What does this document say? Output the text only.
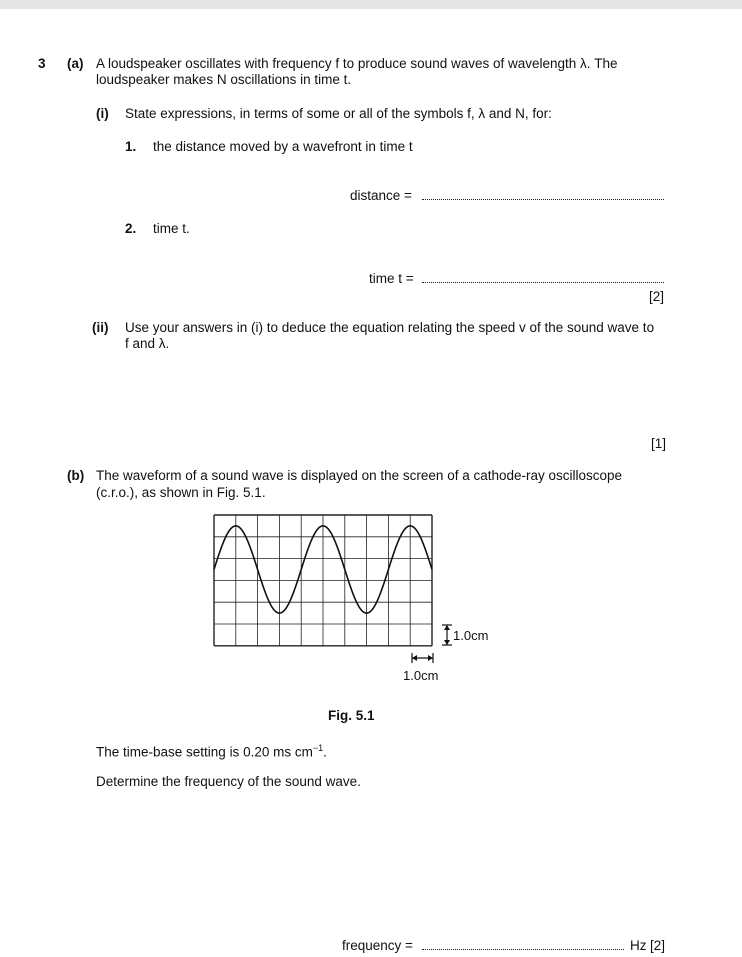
3 (a) A loudspeaker oscillates with frequency f to produce sound waves of wavelength λ. The
loudspeaker makes N oscillations in time t.
(i) State expressions, in terms of some or all of the symbols f, λ and N, for:
1. the distance moved by a wavefront in time t
distance =
2. time t.
time t =
[2]
(ii) Use your answers in (i) to deduce the equation relating the speed v of the sound wave to
f and λ.
[1]
(b) The waveform of a sound wave is displayed on the screen of a cathode-ray oscilloscope
(c.r.o.), as shown in Fig. 5.1.
1.0cm
1.0cm
Fig. 5.1
The time-base setting is 0.20 ms $cm^{-1}$.
Determine the frequency of the sound wave.
frequency =	Hz [2]
